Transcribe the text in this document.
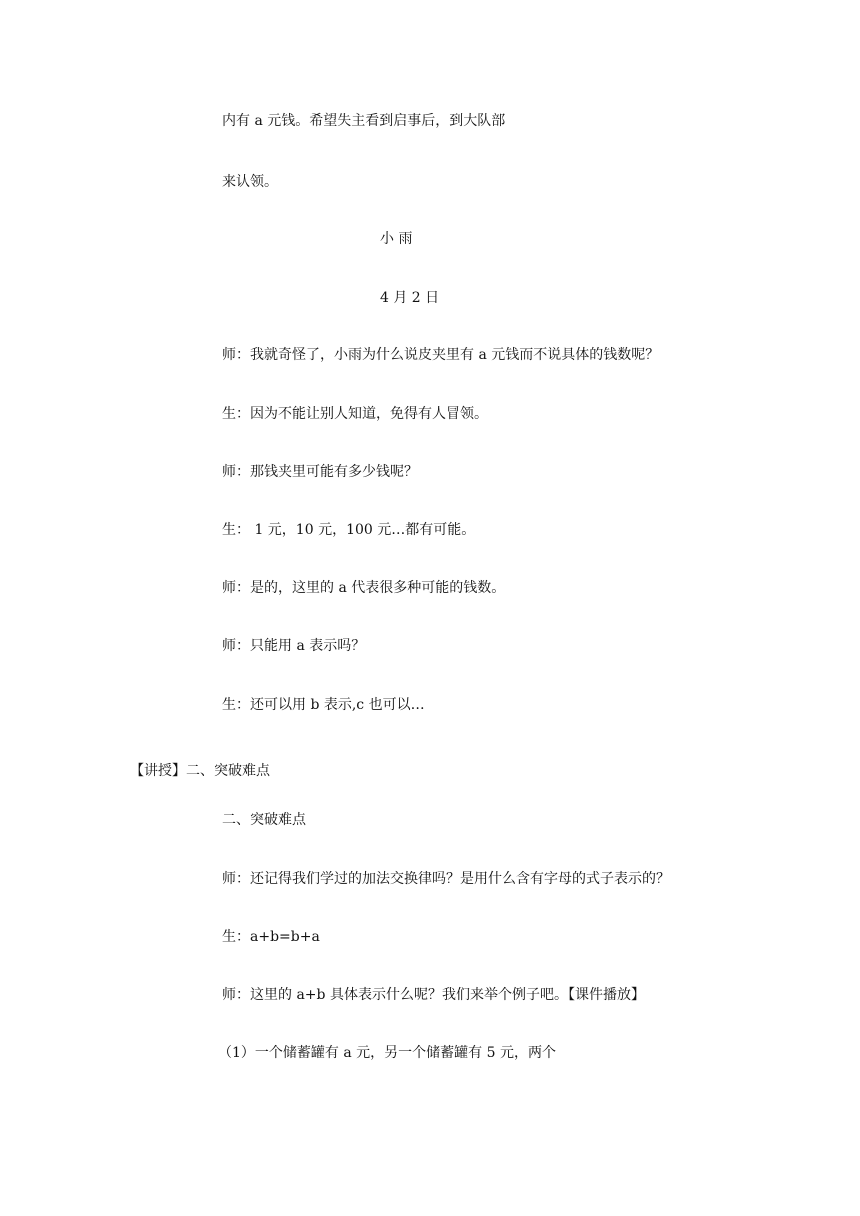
内有 a 元钱。希望失主看到启事后，到大队部
来认领。
小 雨
4 月 2 日
师：我就奇怪了，小雨为什么说皮夹里有 a 元钱而不说具体的钱数呢？
生：因为不能让别人知道，免得有人冒领。
师：那钱夹里可能有多少钱呢？
生： 1 元，10 元，100 元…都有可能。
师：是的，这里的 a 代表很多种可能的钱数。
师：只能用 a 表示吗？
生：还可以用 b 表示,c 也可以…
【讲授】二、突破难点
二、突破难点
师：还记得我们学过的加法交换律吗？是用什么含有字母的式子表示的？
生：a+b=b+a
师：这里的 a+b 具体表示什么呢？我们来举个例子吧。【课件播放】
（1）一个储蓄罐有 a 元，另一个储蓄罐有 5 元，两个
